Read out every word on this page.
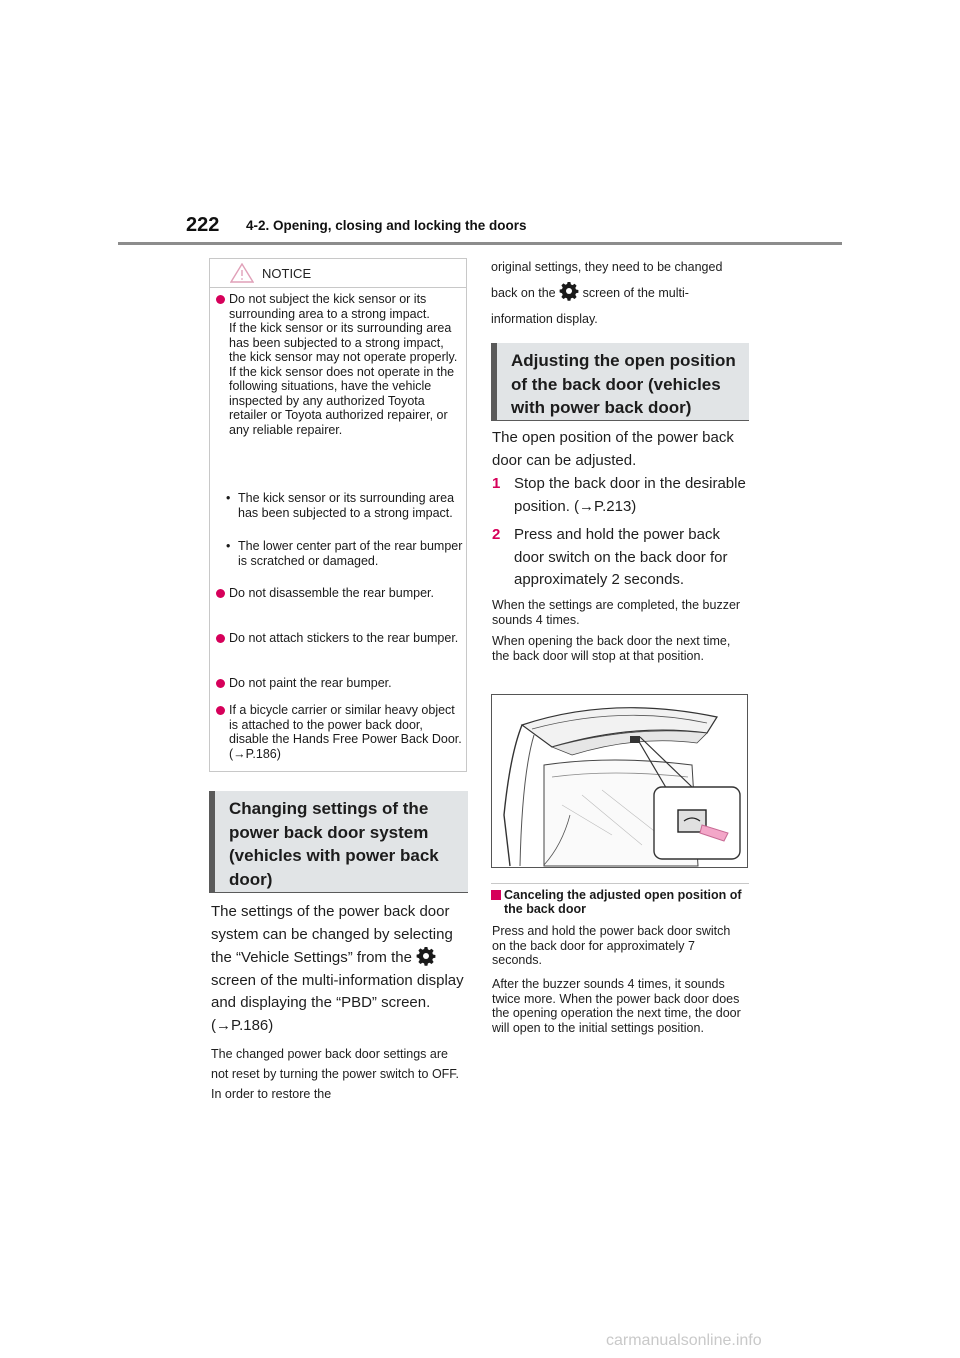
222 4-2. Opening, closing and locking the doors
NOTICE
Do not subject the kick sensor or its surrounding area to a strong impact.
If the kick sensor or its surrounding area has been subjected to a strong impact, the kick sensor may not operate properly. If the kick sensor does not operate in the following situations, have the vehicle inspected by any authorized Toyota retailer or Toyota authorized repairer, or any reliable repairer.
• The kick sensor or its surrounding area has been subjected to a strong impact.
• The lower center part of the rear bumper is scratched or damaged.
Do not disassemble the rear bumper.
Do not attach stickers to the rear bumper.
Do not paint the rear bumper.
If a bicycle carrier or similar heavy object is attached to the power back door, disable the Hands Free Power Back Door. (→P.186)
Changing settings of the power back door system (vehicles with power back door)
The settings of the power back door system can be changed by selecting the “Vehicle Settings” from the  screen of the multi-information display and displaying the “PBD” screen. (→P.186)
The changed power back door settings are not reset by turning the power switch to OFF. In order to restore the
original settings, they need to be changed back on the screen of the multi-information display.
Adjusting the open position of the back door (vehicles with power back door)
The open position of the power back door can be adjusted.
1 Stop the back door in the desirable position. (→P.213)
2 Press and hold the power back door switch on the back door for approximately 2 seconds.
When the settings are completed, the buzzer sounds 4 times.
When opening the back door the next time, the back door will stop at that position.
Canceling the adjusted open position of the back door
Press and hold the power back door switch on the back door for approximately 7 seconds.
After the buzzer sounds 4 times, it sounds twice more. When the power back door does the opening operation the next time, the door will open to the initial settings position.
carmanualsonline.info
